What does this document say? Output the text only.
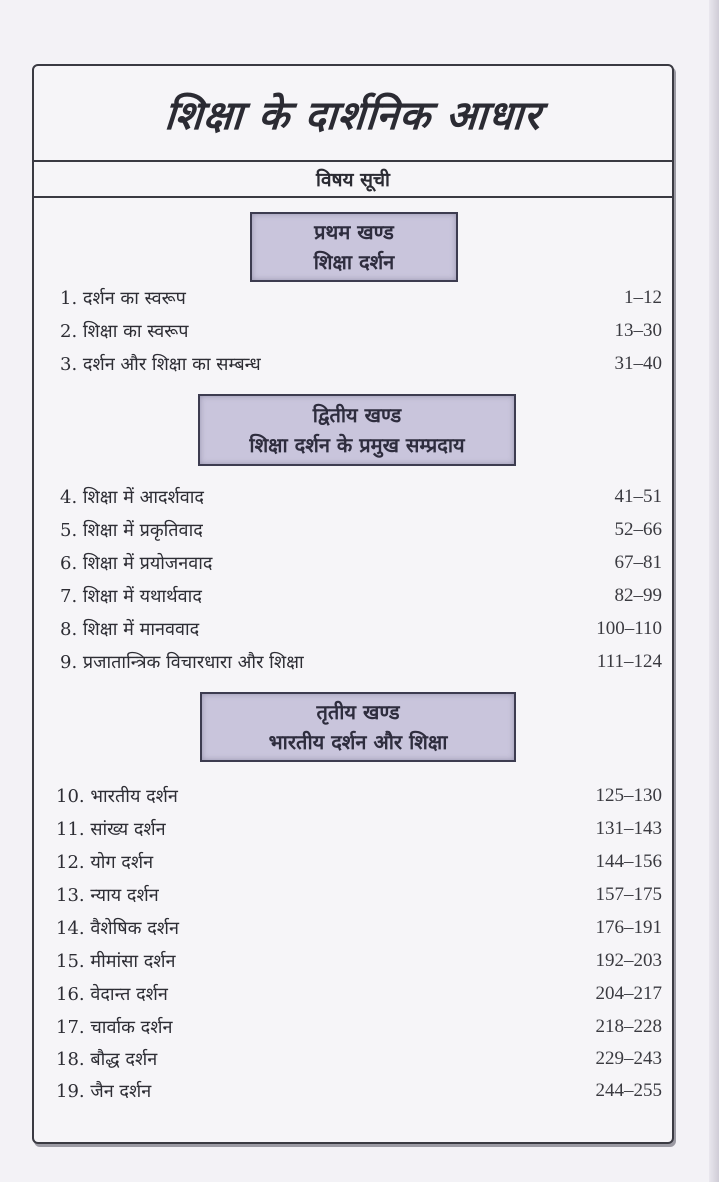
शिक्षा के दार्शनिक आधार
विषय सूची
प्रथम खण्ड
शिक्षा दर्शन
1. दर्शन का स्वरूप	1–12
2. शिक्षा का स्वरूप	13–30
3. दर्शन और शिक्षा का सम्बन्ध	31–40
द्वितीय खण्ड
शिक्षा दर्शन के प्रमुख सम्प्रदाय
4. शिक्षा में आदर्शवाद	41–51
5. शिक्षा में प्रकृतिवाद	52–66
6. शिक्षा में प्रयोजनवाद	67–81
7. शिक्षा में यथार्थवाद	82–99
8. शिक्षा में मानववाद	100–110
9. प्रजातान्त्रिक विचारधारा और शिक्षा	111–124
तृतीय खण्ड
भारतीय दर्शन और शिक्षा
10. भारतीय दर्शन	125–130
11. सांख्य दर्शन	131–143
12. योग दर्शन	144–156
13. न्याय दर्शन	157–175
14. वैशेषिक दर्शन	176–191
15. मीमांसा दर्शन	192–203
16. वेदान्त दर्शन	204–217
17. चार्वाक दर्शन	218–228
18. बौद्ध दर्शन	229–243
19. जैन दर्शन	244–255
